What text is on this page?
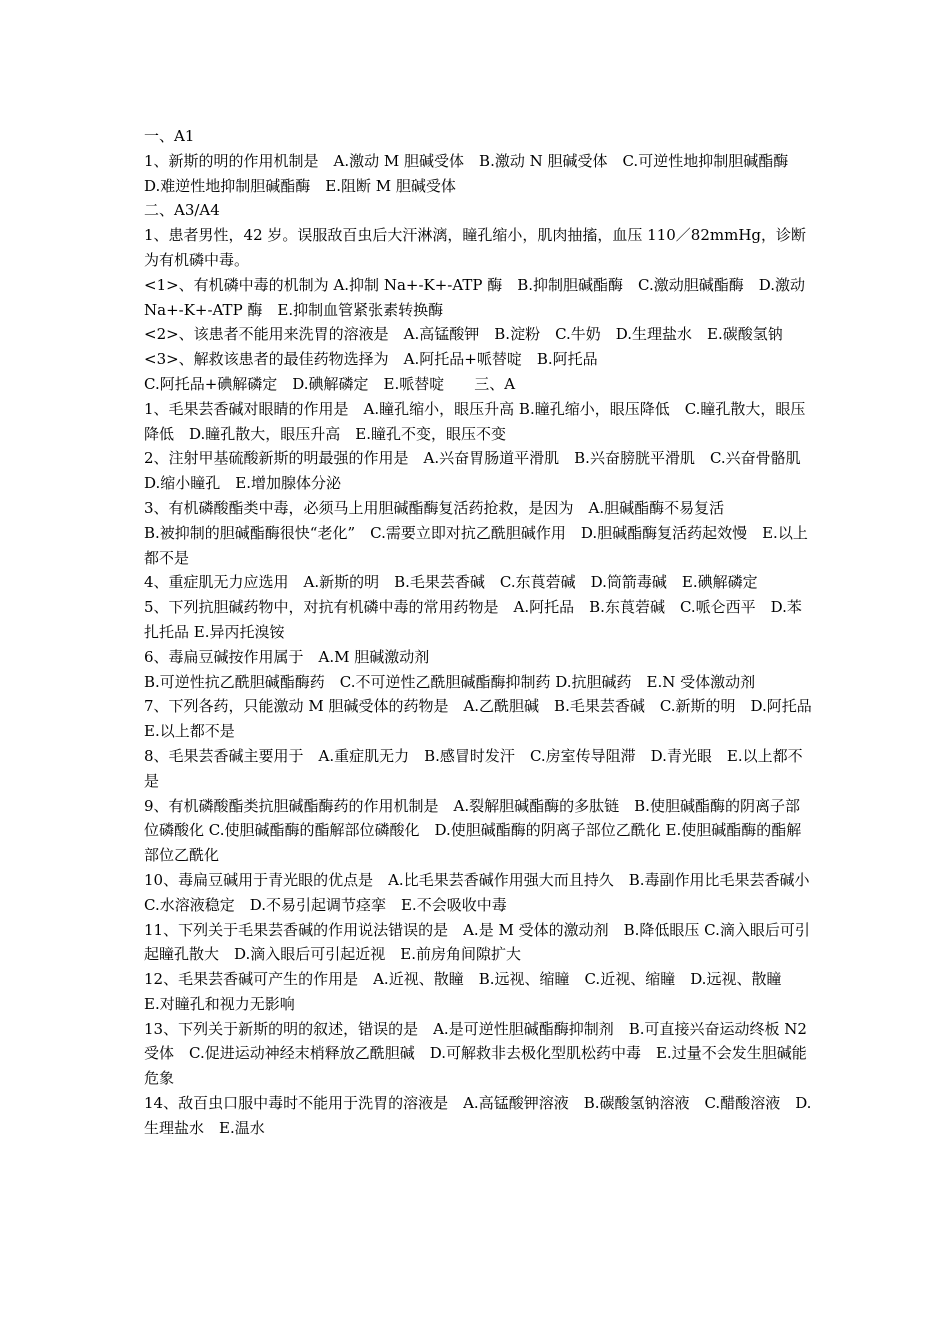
一、A1

1、新斯的明的作用机制是　A.激动 M 胆碱受体　B.激动 N 胆碱受体　C.可逆性地抑制胆碱酯酶　D.难逆性地抑制胆碱酯酶　E.阻断 M 胆碱受体

二、A3/A4

1、患者男性，42 岁。误服敌百虫后大汗淋漓，瞳孔缩小，肌肉抽搐，血压 110／82mmHg，诊断为有机磷中毒。

<1>、有机磷中毒的机制为 A.抑制 Na+-K+-ATP 酶　B.抑制胆碱酯酶　C.激动胆碱酯酶　D.激动 Na+-K+-ATP 酶　E.抑制血管紧张素转换酶

<2>、该患者不能用来洗胃的溶液是　A.高锰酸钾　B.淀粉　C.牛奶　D.生理盐水　E.碳酸氢钠

<3>、解救该患者的最佳药物选择为　A.阿托品+哌替啶　B.阿托品

C.阿托品+碘解磷定　D.碘解磷定　E.哌替啶　　三、A

1、毛果芸香碱对眼睛的作用是　A.瞳孔缩小，眼压升高 B.瞳孔缩小，眼压降低　C.瞳孔散大，眼压降低　D.瞳孔散大，眼压升高　E.瞳孔不变，眼压不变

2、注射甲基硫酸新斯的明最强的作用是　A.兴奋胃肠道平滑肌　B.兴奋膀胱平滑肌　C.兴奋骨骼肌　D.缩小瞳孔　E.增加腺体分泌

3、有机磷酸酯类中毒，必须马上用胆碱酯酶复活药抢救，是因为　A.胆碱酯酶不易复活

B.被抑制的胆碱酯酶很快“老化”　C.需要立即对抗乙酰胆碱作用　D.胆碱酯酶复活药起效慢　E.以上都不是

4、重症肌无力应选用　A.新斯的明　B.毛果芸香碱　C.东莨菪碱　D.筒箭毒碱　E.碘解磷定

5、下列抗胆碱药物中，对抗有机磷中毒的常用药物是　A.阿托品　B.东莨菪碱　C.哌仑西平　D.苯扎托品 E.异丙托溴铵

6、毒扁豆碱按作用属于　A.M 胆碱激动剂

B.可逆性抗乙酰胆碱酯酶药　C.不可逆性乙酰胆碱酯酶抑制药 D.抗胆碱药　E.N 受体激动剂

7、下列各药，只能激动 M 胆碱受体的药物是　A.乙酰胆碱　B.毛果芸香碱　C.新斯的明　D.阿托品　E.以上都不是

8、毛果芸香碱主要用于　A.重症肌无力　B.感冒时发汗　C.房室传导阻滞　D.青光眼　E.以上都不是

9、有机磷酸酯类抗胆碱酯酶药的作用机制是　A.裂解胆碱酯酶的多肽链　B.使胆碱酯酶的阴离子部位磷酸化 C.使胆碱酯酶的酯解部位磷酸化　D.使胆碱酯酶的阴离子部位乙酰化 E.使胆碱酯酶的酯解部位乙酰化

10、毒扁豆碱用于青光眼的优点是　A.比毛果芸香碱作用强大而且持久　B.毒副作用比毛果芸香碱小　C.水溶液稳定　D.不易引起调节痉挛　E.不会吸收中毒

11、下列关于毛果芸香碱的作用说法错误的是　A.是 M 受体的激动剂　B.降低眼压 C.滴入眼后可引起瞳孔散大　D.滴入眼后可引起近视　E.前房角间隙扩大

12、毛果芸香碱可产生的作用是　A.近视、散瞳　B.远视、缩瞳　C.近视、缩瞳　D.远视、散瞳　E.对瞳孔和视力无影响

13、下列关于新斯的明的叙述，错误的是　A.是可逆性胆碱酯酶抑制剂　B.可直接兴奋运动终板 N2 受体　C.促进运动神经末梢释放乙酰胆碱　D.可解救非去极化型肌松药中毒　E.过量不会发生胆碱能危象

14、敌百虫口服中毒时不能用于洗胃的溶液是　A.高锰酸钾溶液　B.碳酸氢钠溶液　C.醋酸溶液　D.生理盐水　E.温水
